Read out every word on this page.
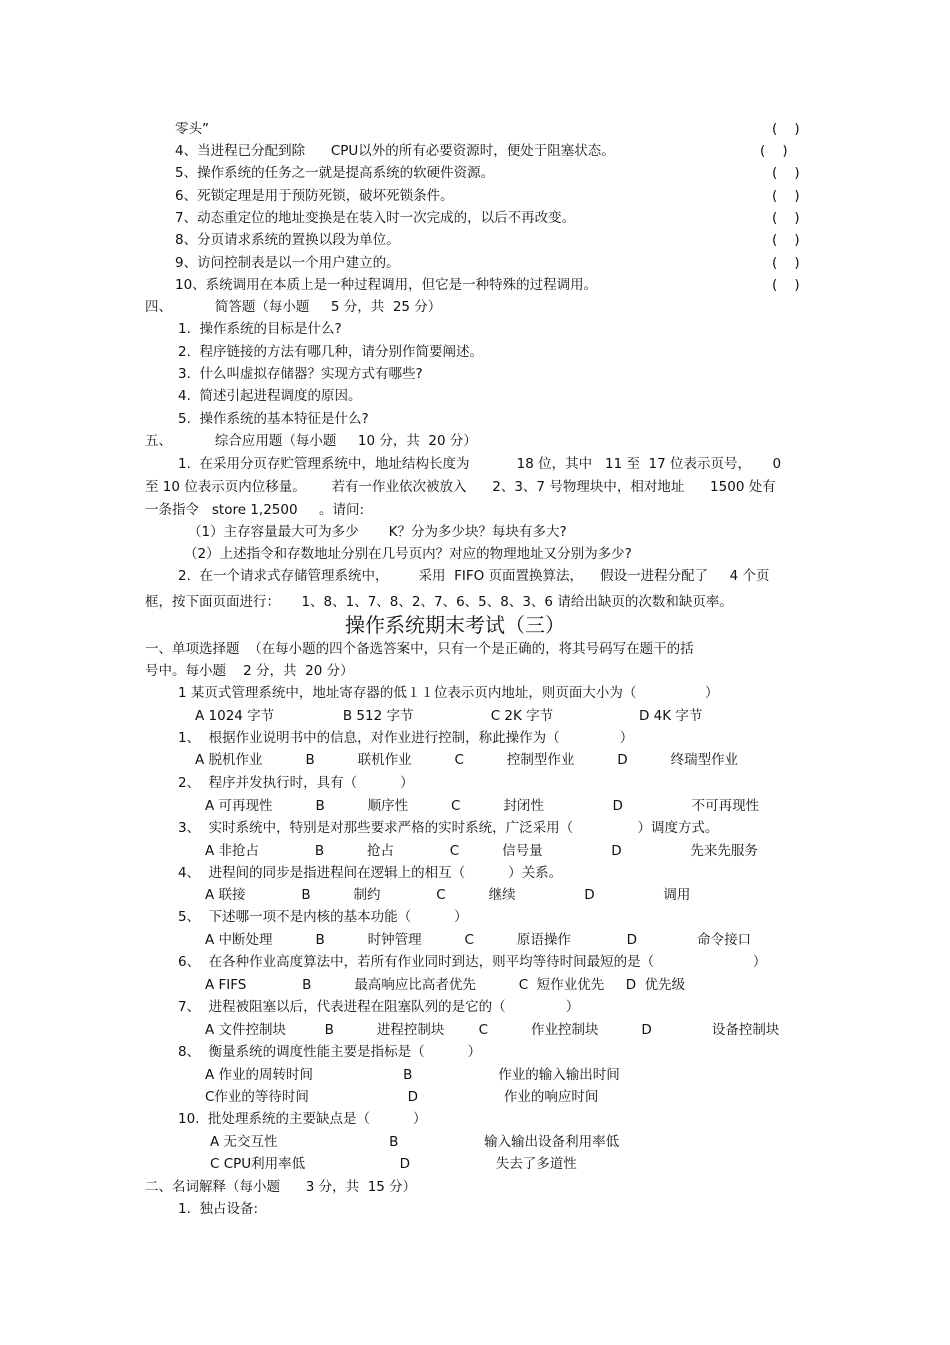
零头”	(    )
4、当进程已分配到除      CPU以外的所有必要资源时，便处于阻塞状态。	(    )
5、操作系统的任务之一就是提高系统的软硬件资源。	(    )
6、死锁定理是用于预防死锁，破坏死锁条件。	(    )
7、动态重定位的地址变换是在装入时一次完成的，以后不再改变。	(    )
8、分页请求系统的置换以段为单位。	(    )
9、访问控制表是以一个用户建立的。	(    )
10、系统调用在本质上是一种过程调用，但它是一种特殊的过程调用。	(    )
四、          简答题（每小题     5 分，共  25 分）
1.  操作系统的目标是什么?
2.  程序链接的方法有哪几种，请分别作简要阐述。
3.  什么叫虚拟存储器？实现方式有哪些?
4.  简述引起进程调度的原因。
5.  操作系统的基本特征是什么?
五、          综合应用题（每小题     10 分，共  20 分）
1.  在采用分页存贮管理系统中，地址结构长度为           18 位，其中   11 至  17 位表示页号，     0
至 10 位表示页内位移量。      若有一作业依次被放入      2、3、7 号物理块中，相对地址      1500 处有
一条指令   store 1,2500     。请问:
（1）主存容量最大可为多少       K？分为多少块？每块有多大?
（2）上述指令和存数地址分别在几号页内？对应的物理地址又分别为多少?
2.  在一个请求式存储管理系统中，       采用  FIFO 页面置换算法，    假设一进程分配了     4 个页
框，按下面页面进行：     1、8、1、7、8、2、7、6、5、8、3、6 请给出缺页的次数和缺页率。
操作系统期末考试（三）
一、单项选择题  （在每小题的四个备选答案中，只有一个是正确的，将其号码写在题干的括
号中。每小题    2 分，共  20 分）
1 某页式管理系统中，地址寄存器的低１１位表示页内地址，则页面大小为（                ）
A 1024 字节                B 512 字节                  C 2K 字节                    D 4K 字节
1、  根据作业说明书中的信息，对作业进行控制，称此操作为（              ）
A 脱机作业          B          联机作业          C          控制型作业          D          终瑞型作业
2、  程序并发执行时，具有（          ）
A 可再现性          B          顺序性          C          封闭性                D                不可再现性
3、  实时系统中，特别是对那些要求严格的实时系统，广泛采用（               ）调度方式。
A 非抢占             B          抢占             C          信号量                D                先来先服务
4、  进程间的同步是指进程间在逻辑上的相互（          ）关系。
A 联接             B          制约             C          继续                D                调用
5、  下述哪一项不是内核的基本功能（          ）
A 中断处理          B          时钟管理          C          原语操作             D              命令接口
6、  在各种作业高度算法中，若所有作业同时到达，则平均等待时间最短的是（                       ）
A FIFS             B          最高响应比高者优先          C  短作业优先     D  优先级
7、  进程被阻塞以后，代表进程在阻塞队列的是它的（              ）
A 文件控制块         B          进程控制块        C          作业控制块          D              设备控制块
8、  衡量系统的调度性能主要是指标是（          ）
A 作业的周转时间                     B                    作业的输入输出时间
C作业的等待时间                       D                    作业的响应时间
10.  批处理系统的主要缺点是（          ）
A 无交互性                          B                    输入输出设备利用率低
C CPU利用率低                      D                    失去了多道性
二、名词解释（每小题      3 分，共  15 分）
1.  独占设备:
